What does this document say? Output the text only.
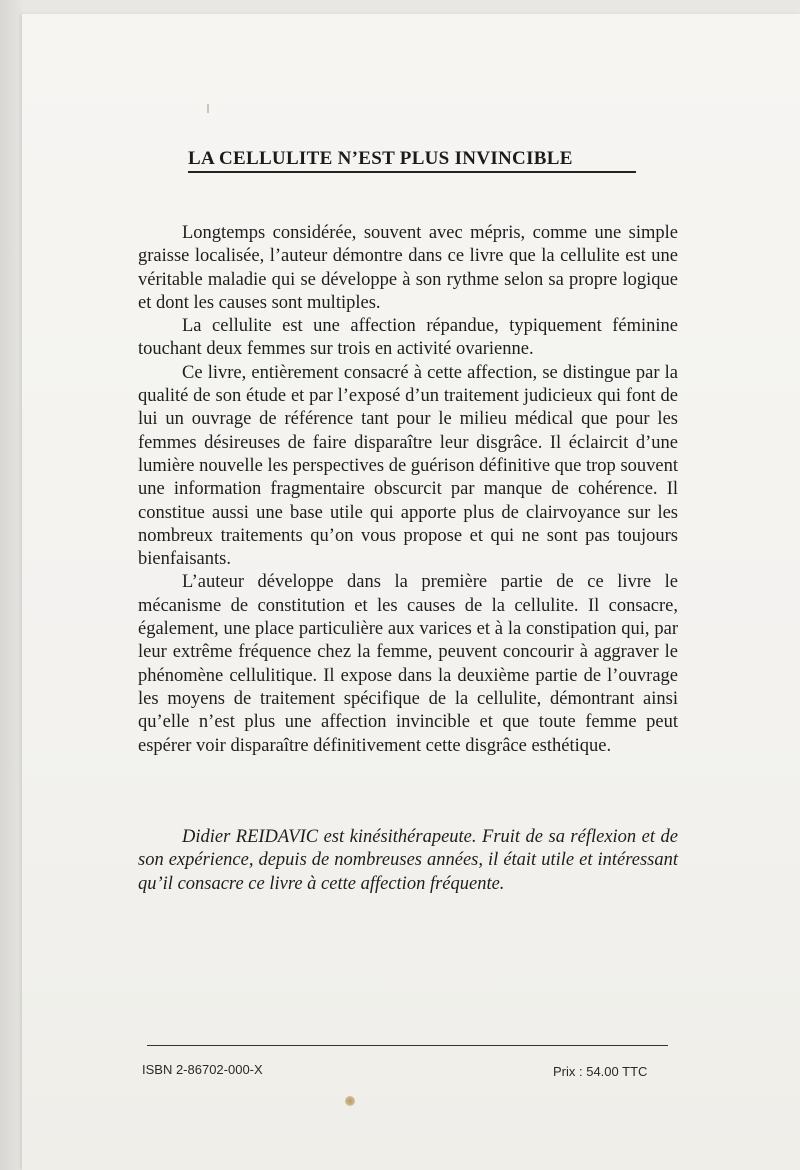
LA CELLULITE N’EST PLUS INVINCIBLE

Longtemps considérée, souvent avec mépris, comme une simple graisse localisée, l’auteur démontre dans ce livre que la cellulite est une véritable maladie qui se développe à son rythme selon sa propre logique et dont les causes sont multiples.

La cellulite est une affection répandue, typiquement féminine touchant deux femmes sur trois en activité ovarienne.

Ce livre, entièrement consacré à cette affection, se distingue par la qualité de son étude et par l’exposé d’un traitement judicieux qui font de lui un ouvrage de référence tant pour le milieu médical que pour les femmes désireuses de faire disparaître leur disgrâce. Il éclaircit d’une lumière nouvelle les perspectives de guérison définitive que trop souvent une information fragmentaire obscurcit par manque de cohérence. Il constitue aussi une base utile qui apporte plus de clairvoyance sur les nombreux traitements qu’on vous propose et qui ne sont pas toujours bienfaisants.

L’auteur développe dans la première partie de ce livre le mécanisme de constitution et les causes de la cellulite. Il consacre, également, une place particulière aux varices et à la constipation qui, par leur extrême fréquence chez la femme, peuvent concourir à aggraver le phénomène cellulitique. Il expose dans la deuxième partie de l’ouvrage les moyens de traitement spécifique de la cellulite, démontrant ainsi qu’elle n’est plus une affection invincible et que toute femme peut espérer voir disparaître définitivement cette disgrâce esthétique.

Didier REIDAVIC est kinésithérapeute. Fruit de sa réflexion et de son expérience, depuis de nombreuses années, il était utile et intéressant qu’il consacre ce livre à cette affection fréquente.

ISBN 2-86702-000-X	Prix : 54.00 TTC
